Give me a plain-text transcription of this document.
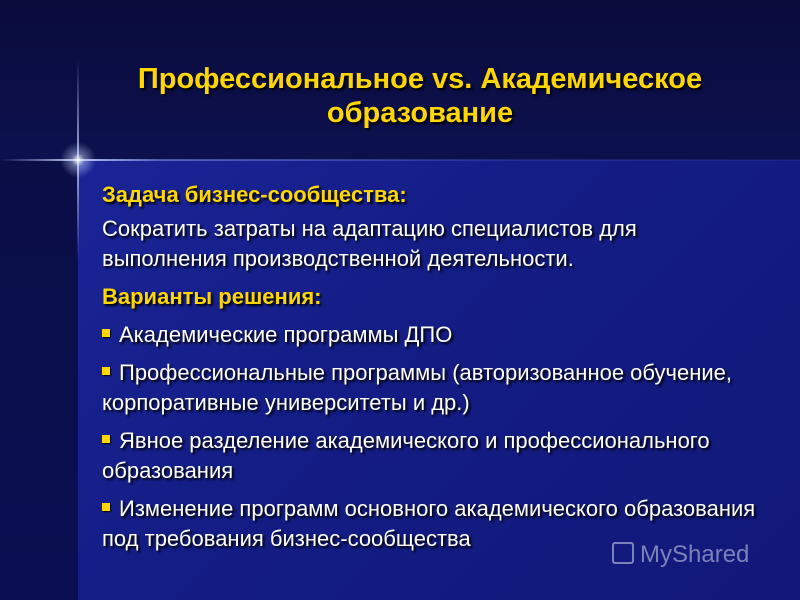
Профессиональное vs. Академическое
образование
Задача бизнес-сообщества:
Сократить затраты на адаптацию специалистов для выполнения производственной деятельности.
Варианты решения:
Академические программы ДПО
Профессиональные программы (авторизованное обучение, корпоративные университеты и др.)
Явное разделение академического и профессионального образования
Изменение программ основного академического образования под требования бизнес-сообщества
MyShared
